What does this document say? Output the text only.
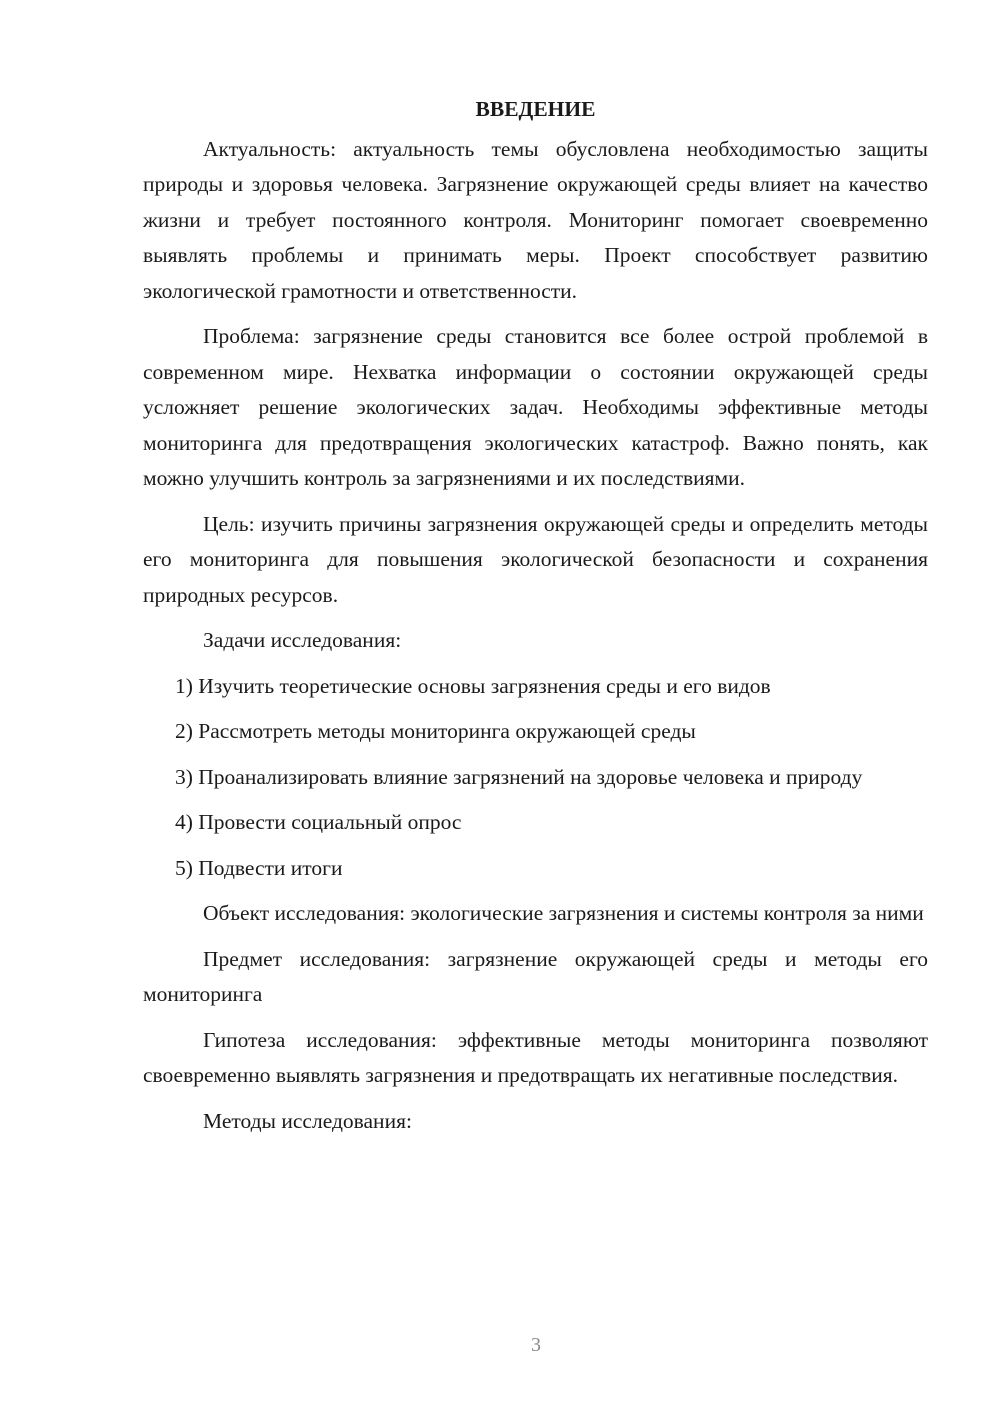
ВВЕДЕНИЕ

Актуальность: актуальность темы обусловлена необходимостью защиты природы и здоровья человека. Загрязнение окружающей среды влияет на качество жизни и требует постоянного контроля. Мониторинг помогает своевременно выявлять проблемы и принимать меры. Проект способствует развитию экологической грамотности и ответственности.

Проблема: загрязнение среды становится все более острой проблемой в современном мире. Нехватка информации о состоянии окружающей среды усложняет решение экологических задач. Необходимы эффективные методы мониторинга для предотвращения экологических катастроф. Важно понять, как можно улучшить контроль за загрязнениями и их последствиями.

Цель: изучить причины загрязнения окружающей среды и определить методы его мониторинга для повышения экологической безопасности и сохранения природных ресурсов.

Задачи исследования:

1) Изучить теоретические основы загрязнения среды и его видов

2) Рассмотреть методы мониторинга окружающей среды

3) Проанализировать влияние загрязнений на здоровье человека и природу

4) Провести социальный опрос

5) Подвести итоги

Объект исследования: экологические загрязнения и системы контроля за ними

Предмет исследования: загрязнение окружающей среды и методы его мониторинга

Гипотеза исследования: эффективные методы мониторинга позволяют своевременно выявлять загрязнения и предотвращать их негативные последствия.

Методы исследования:

3
